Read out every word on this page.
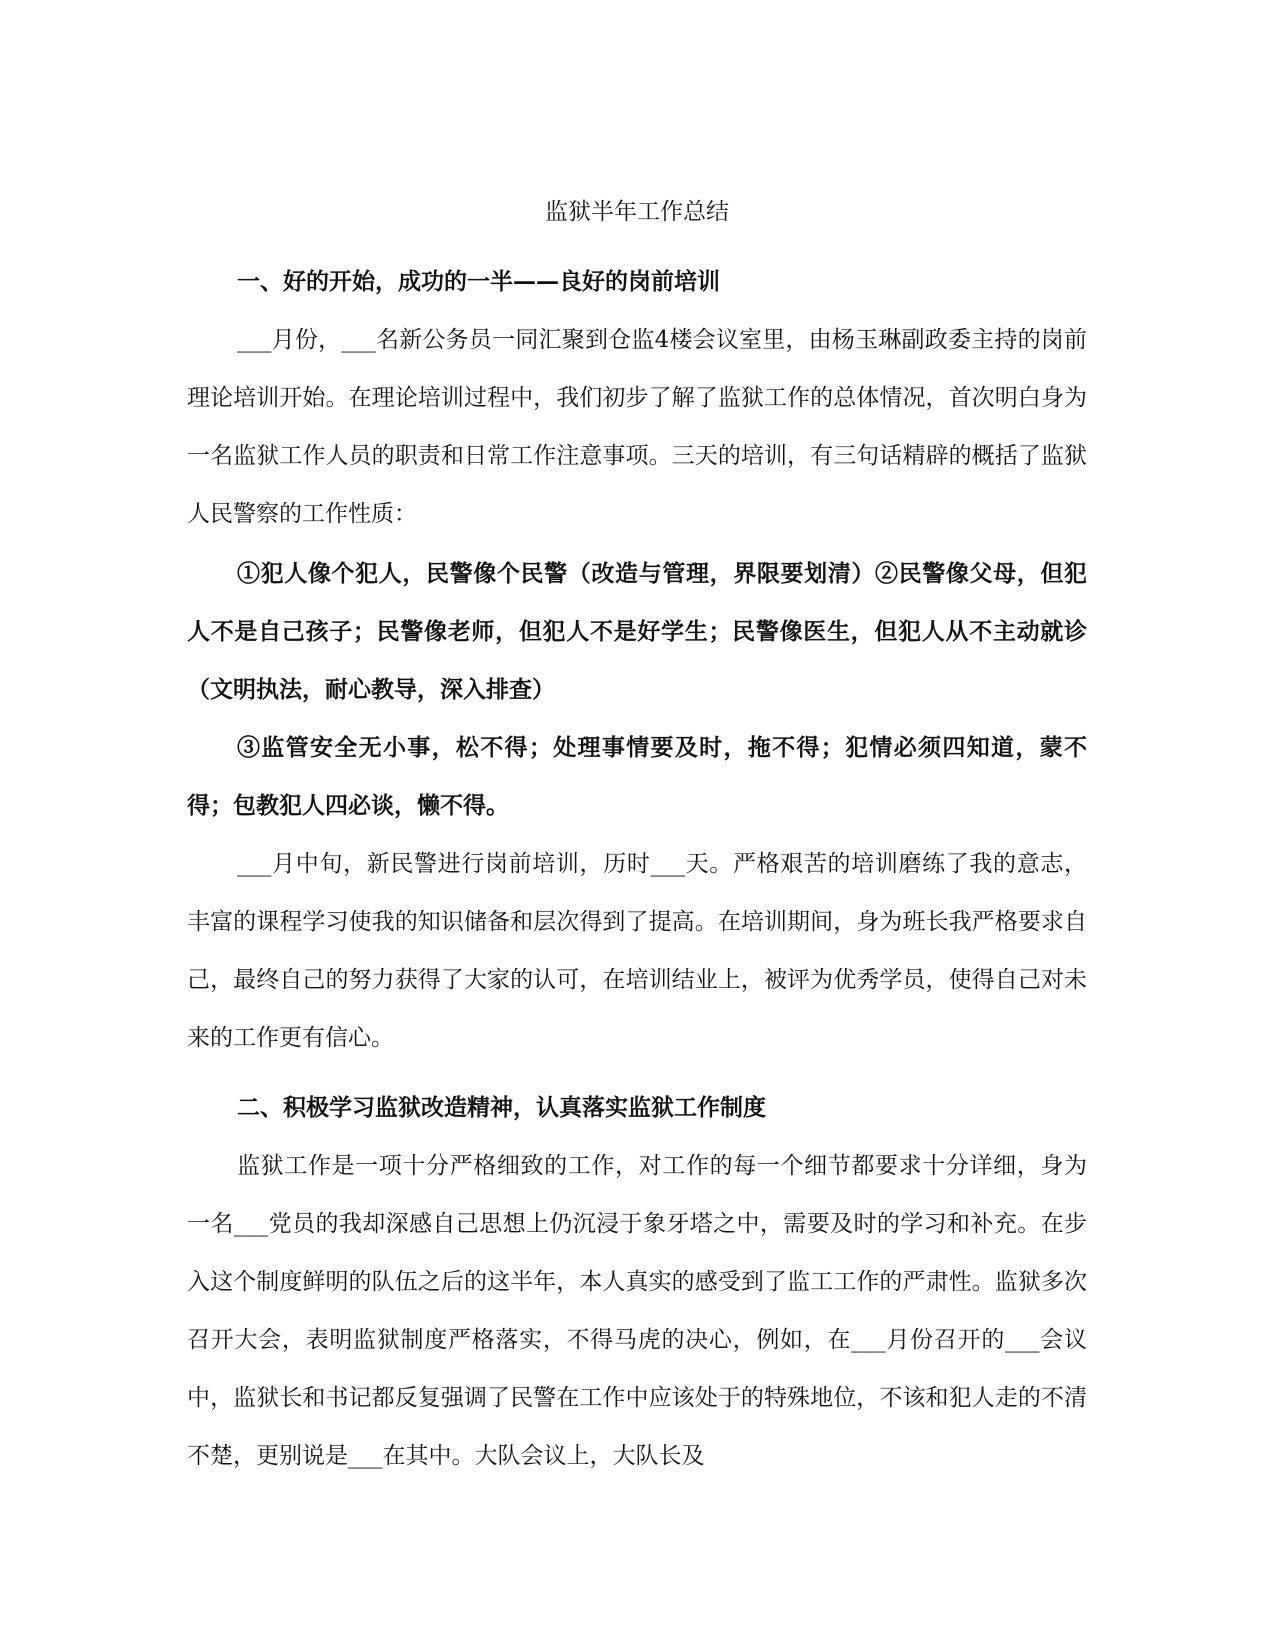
监狱半年工作总结
一、好的开始，成功的一半——良好的岗前培训

___月份，___名新公务员一同汇聚到仓监4楼会议室里，由杨玉琳副政委主持的岗前理论培训开始。在理论培训过程中，我们初步了解了监狱工作的总体情况，首次明白身为一名监狱工作人员的职责和日常工作注意事项。三天的培训，有三句话精辟的概括了监狱人民警察的工作性质：

①犯人像个犯人，民警像个民警（改造与管理，界限要划清）②民警像父母，但犯人不是自己孩子；民警像老师，但犯人不是好学生；民警像医生，但犯人从不主动就诊（文明执法，耐心教导，深入排查）

③监管安全无小事，松不得；处理事情要及时，拖不得；犯情必须四知道，蒙不得；包教犯人四必谈，懒不得。

___月中旬，新民警进行岗前培训，历时___天。严格艰苦的培训磨练了我的意志，丰富的课程学习使我的知识储备和层次得到了提高。在培训期间，身为班长我严格要求自己，最终自己的努力获得了大家的认可，在培训结业上，被评为优秀学员，使得自己对未来的工作更有信心。

二、积极学习监狱改造精神，认真落实监狱工作制度

监狱工作是一项十分严格细致的工作，对工作的每一个细节都要求十分详细，身为一名___党员的我却深感自己思想上仍沉浸于象牙塔之中，需要及时的学习和补充。在步入这个制度鲜明的队伍之后的这半年，本人真实的感受到了监工工作的严肃性。监狱多次召开大会，表明监狱制度严格落实，不得马虎的决心，例如，在___月份召开的___会议中，监狱长和书记都反复强调了民警在工作中应该处于的特殊地位，不该和犯人走的不清不楚，更别说是___在其中。大队会议上，大队长及
